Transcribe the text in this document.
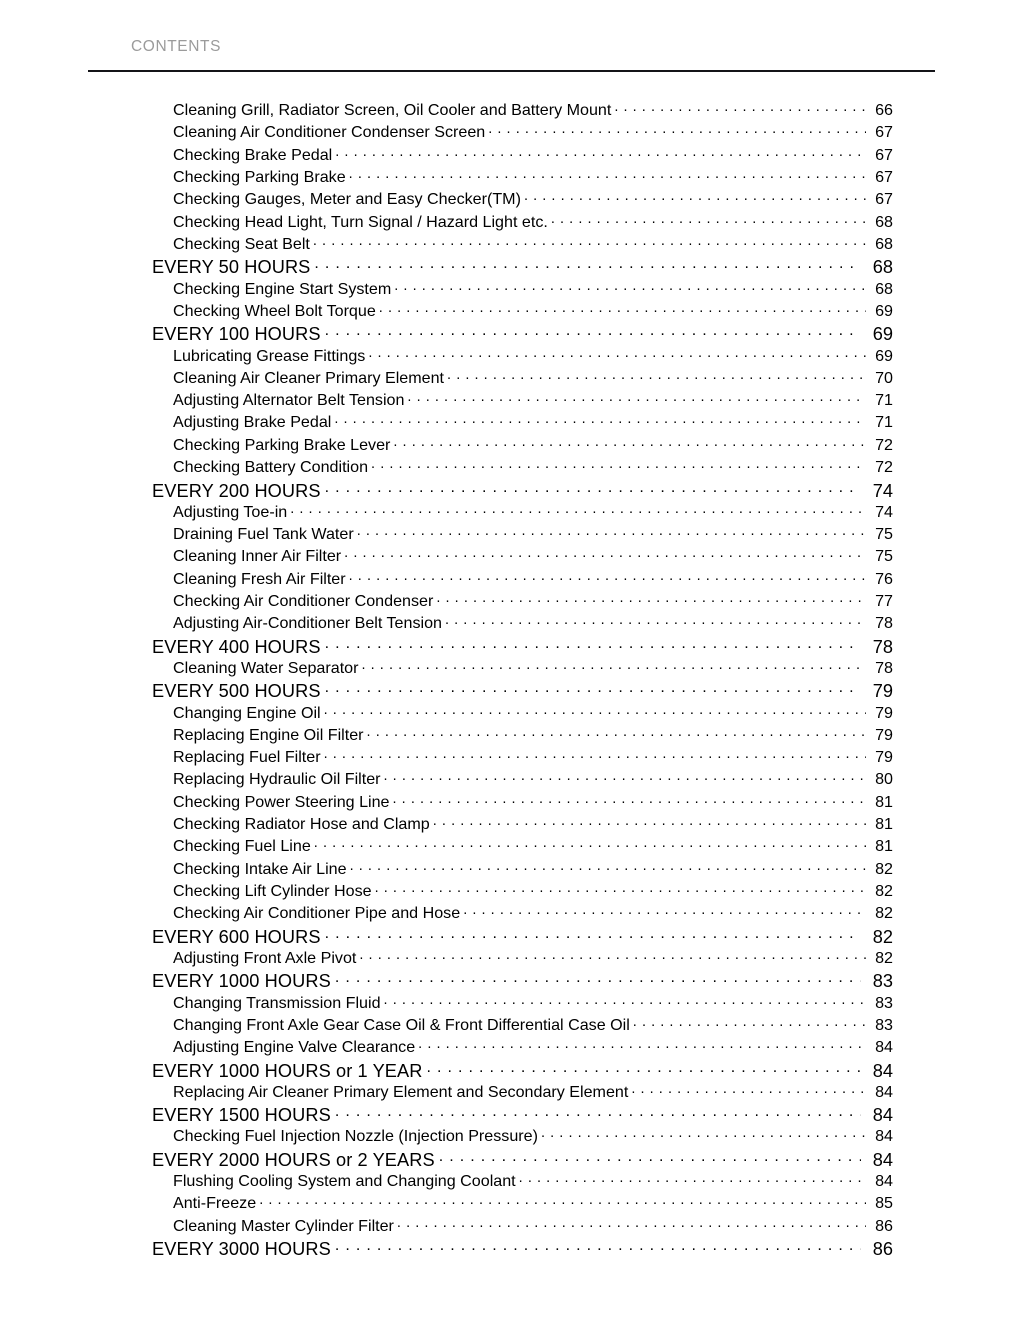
CONTENTS
Cleaning Grill, Radiator Screen, Oil Cooler and Battery Mount . . .	66
Cleaning Air Conditioner Condenser Screen . . .	67
Checking Brake Pedal . . .	67
Checking Parking Brake . . .	67
Checking Gauges, Meter and Easy Checker(TM) . . .	67
Checking Head Light, Turn Signal / Hazard Light etc. . . .	68
Checking Seat Belt . . .	68
EVERY 50 HOURS . . .	68
Checking Engine Start System . . .	68
Checking Wheel Bolt Torque . . .	69
EVERY 100 HOURS . . .	69
Lubricating Grease Fittings . . .	69
Cleaning Air Cleaner Primary Element . . .	70
Adjusting Alternator Belt Tension . . .	71
Adjusting Brake Pedal . . .	71
Checking Parking Brake Lever . . .	72
Checking Battery Condition . . .	72
EVERY 200 HOURS . . .	74
Adjusting Toe-in . . .	74
Draining Fuel Tank Water . . .	75
Cleaning Inner Air Filter . . .	75
Cleaning Fresh Air Filter . . .	76
Checking Air Conditioner Condenser . . .	77
Adjusting Air-Conditioner Belt Tension . . .	78
EVERY 400 HOURS . . .	78
Cleaning Water Separator . . .	78
EVERY 500 HOURS . . .	79
Changing Engine Oil . . .	79
Replacing Engine Oil Filter . . .	79
Replacing Fuel Filter . . .	79
Replacing Hydraulic Oil Filter . . .	80
Checking Power Steering Line . . .	81
Checking Radiator Hose and Clamp . . .	81
Checking Fuel Line . . .	81
Checking Intake Air Line . . .	82
Checking Lift Cylinder Hose . . .	82
Checking Air Conditioner Pipe and Hose . . .	82
EVERY 600 HOURS . . .	82
Adjusting Front Axle Pivot . . .	82
EVERY 1000 HOURS . . .	83
Changing Transmission Fluid . . .	83
Changing Front Axle Gear Case Oil & Front Differential Case Oil . . .	83
Adjusting Engine Valve Clearance . . .	84
EVERY 1000 HOURS or 1 YEAR . . .	84
Replacing Air Cleaner Primary Element and Secondary Element . . .	84
EVERY 1500 HOURS . . .	84
Checking Fuel Injection Nozzle (Injection Pressure) . . .	84
EVERY 2000 HOURS or 2 YEARS . . .	84
Flushing Cooling System and Changing Coolant . . .	84
Anti-Freeze . . .	85
Cleaning Master Cylinder Filter . . .	86
EVERY 3000 HOURS . . .	86
